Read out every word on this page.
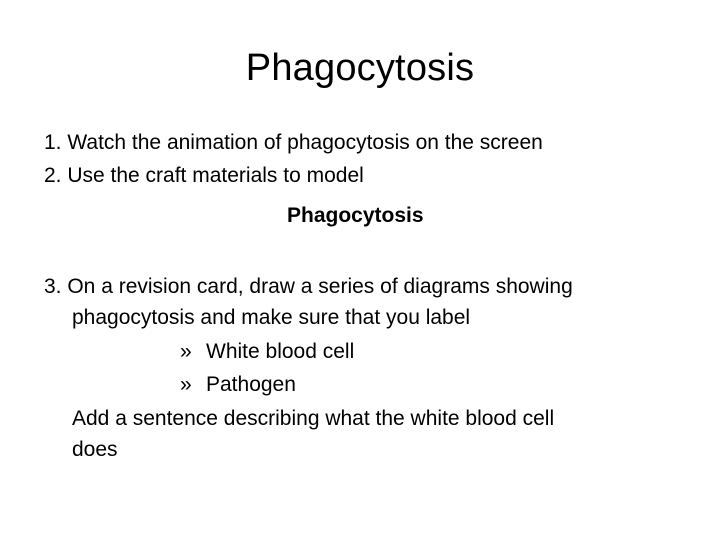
Phagocytosis
1. Watch the animation of phagocytosis on the screen
2. Use the craft materials to model
Phagocytosis
3. On a revision card, draw a series of diagrams showing
phagocytosis and make sure that you label
» White blood cell
» Pathogen
Add a sentence describing what the white blood cell
does
